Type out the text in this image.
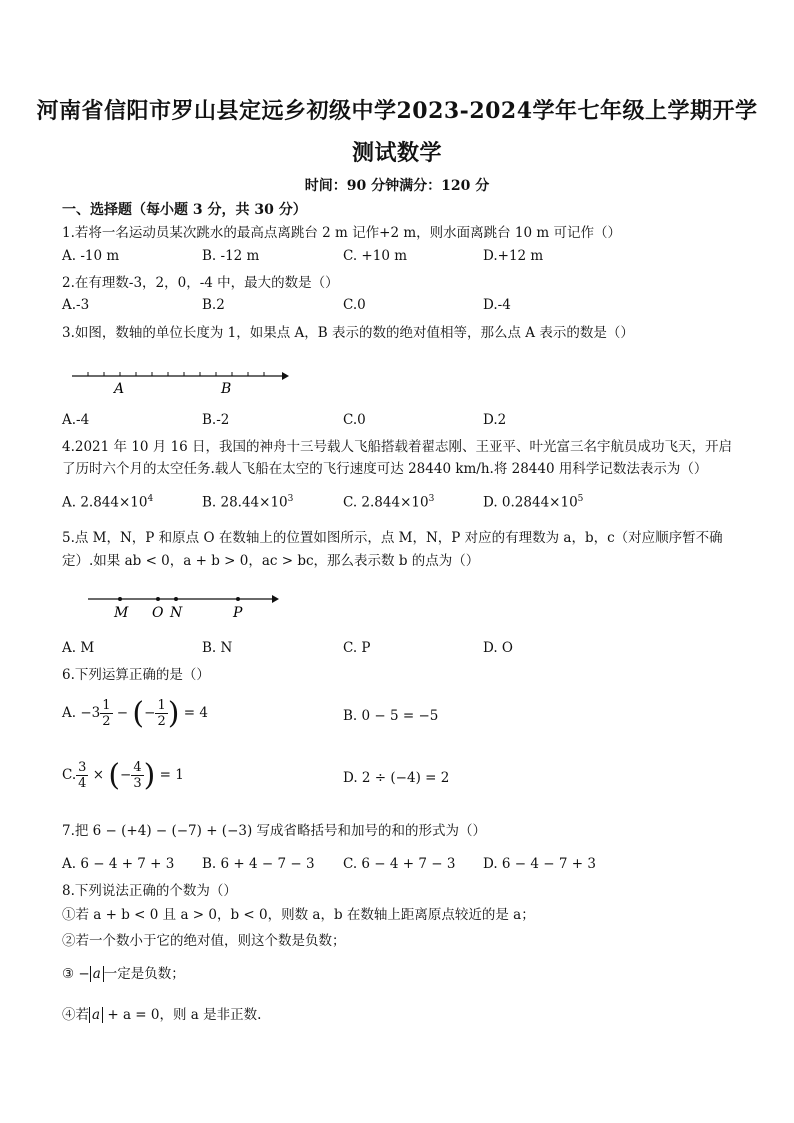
河南省信阳市罗山县定远乡初级中学2023-2024学年七年级上学期开学
测试数学
时间：90 分钟满分：120 分
一、选择题（每小题 3 分，共 30 分）
1.若将一名运动员某次跳水的最高点离跳台 2 m 记作+2 m，则水面离跳台 10 m 可记作（）
A. -10 m	B. -12 m	C. +10 m	D.+12 m
2.在有理数-3，2，0，-4 中，最大的数是（）
A.-3	B.2	C.0	D.-4
3.如图，数轴的单位长度为 1，如果点 A，B 表示的数的绝对值相等，那么点 A 表示的数是（）
A	B
A.-4	B.-2	C.0	D.2
4.2021 年 10 月 16 日，我国的神舟十三号载人飞船搭载着翟志刚、王亚平、叶光富三名宇航员成功飞天，开启了历时六个月的太空任务.载人飞船在太空的飞行速度可达 28440 km/h.将 28440 用科学记数法表示为（）
A. $2.844\times 10^4$	B. $28.44\times 10^3$	C. $2.844\times 10^3$	D. $0.2844\times 10^5$
5.点 M，N，P 和原点 O 在数轴上的位置如图所示，点 M，N，P 对应的有理数为 a，b，c（对应顺序暂不确
定）.如果 ab < 0，a + b > 0，ac > bc，那么表示数 b 的点为（）
M O N	P
A. M	B. N	C. P	D. O
6.下列运算正确的是（）
A. $-3 \frac{1}{2}$ − (− $\frac{1}{2}$ ) = 4	B. 0 − 5 = −5
C. $\frac{3}{4}$ × (− $\frac{4}{3}$ ) = 1	D. 2 ÷ (−4) = 2
7.把 6 − (+4) − (−7) + (−3) 写成省略括号和加号的和的形式为（）
A. 6 − 4 + 7 + 3 B. 6 + 4 − 7 − 3 C. 6 − 4 + 7 − 3 D. 6 − 4 − 7 + 3
8.下列说法正确的个数为（）
①若 a + b < 0 且 a > 0，b < 0，则数 a，b 在数轴上距离原点较近的是 a；
②若一个数小于它的绝对值，则这个数是负数；
③ − a 一定是负数；
④若 a + a = 0，则 a 是非正数.
